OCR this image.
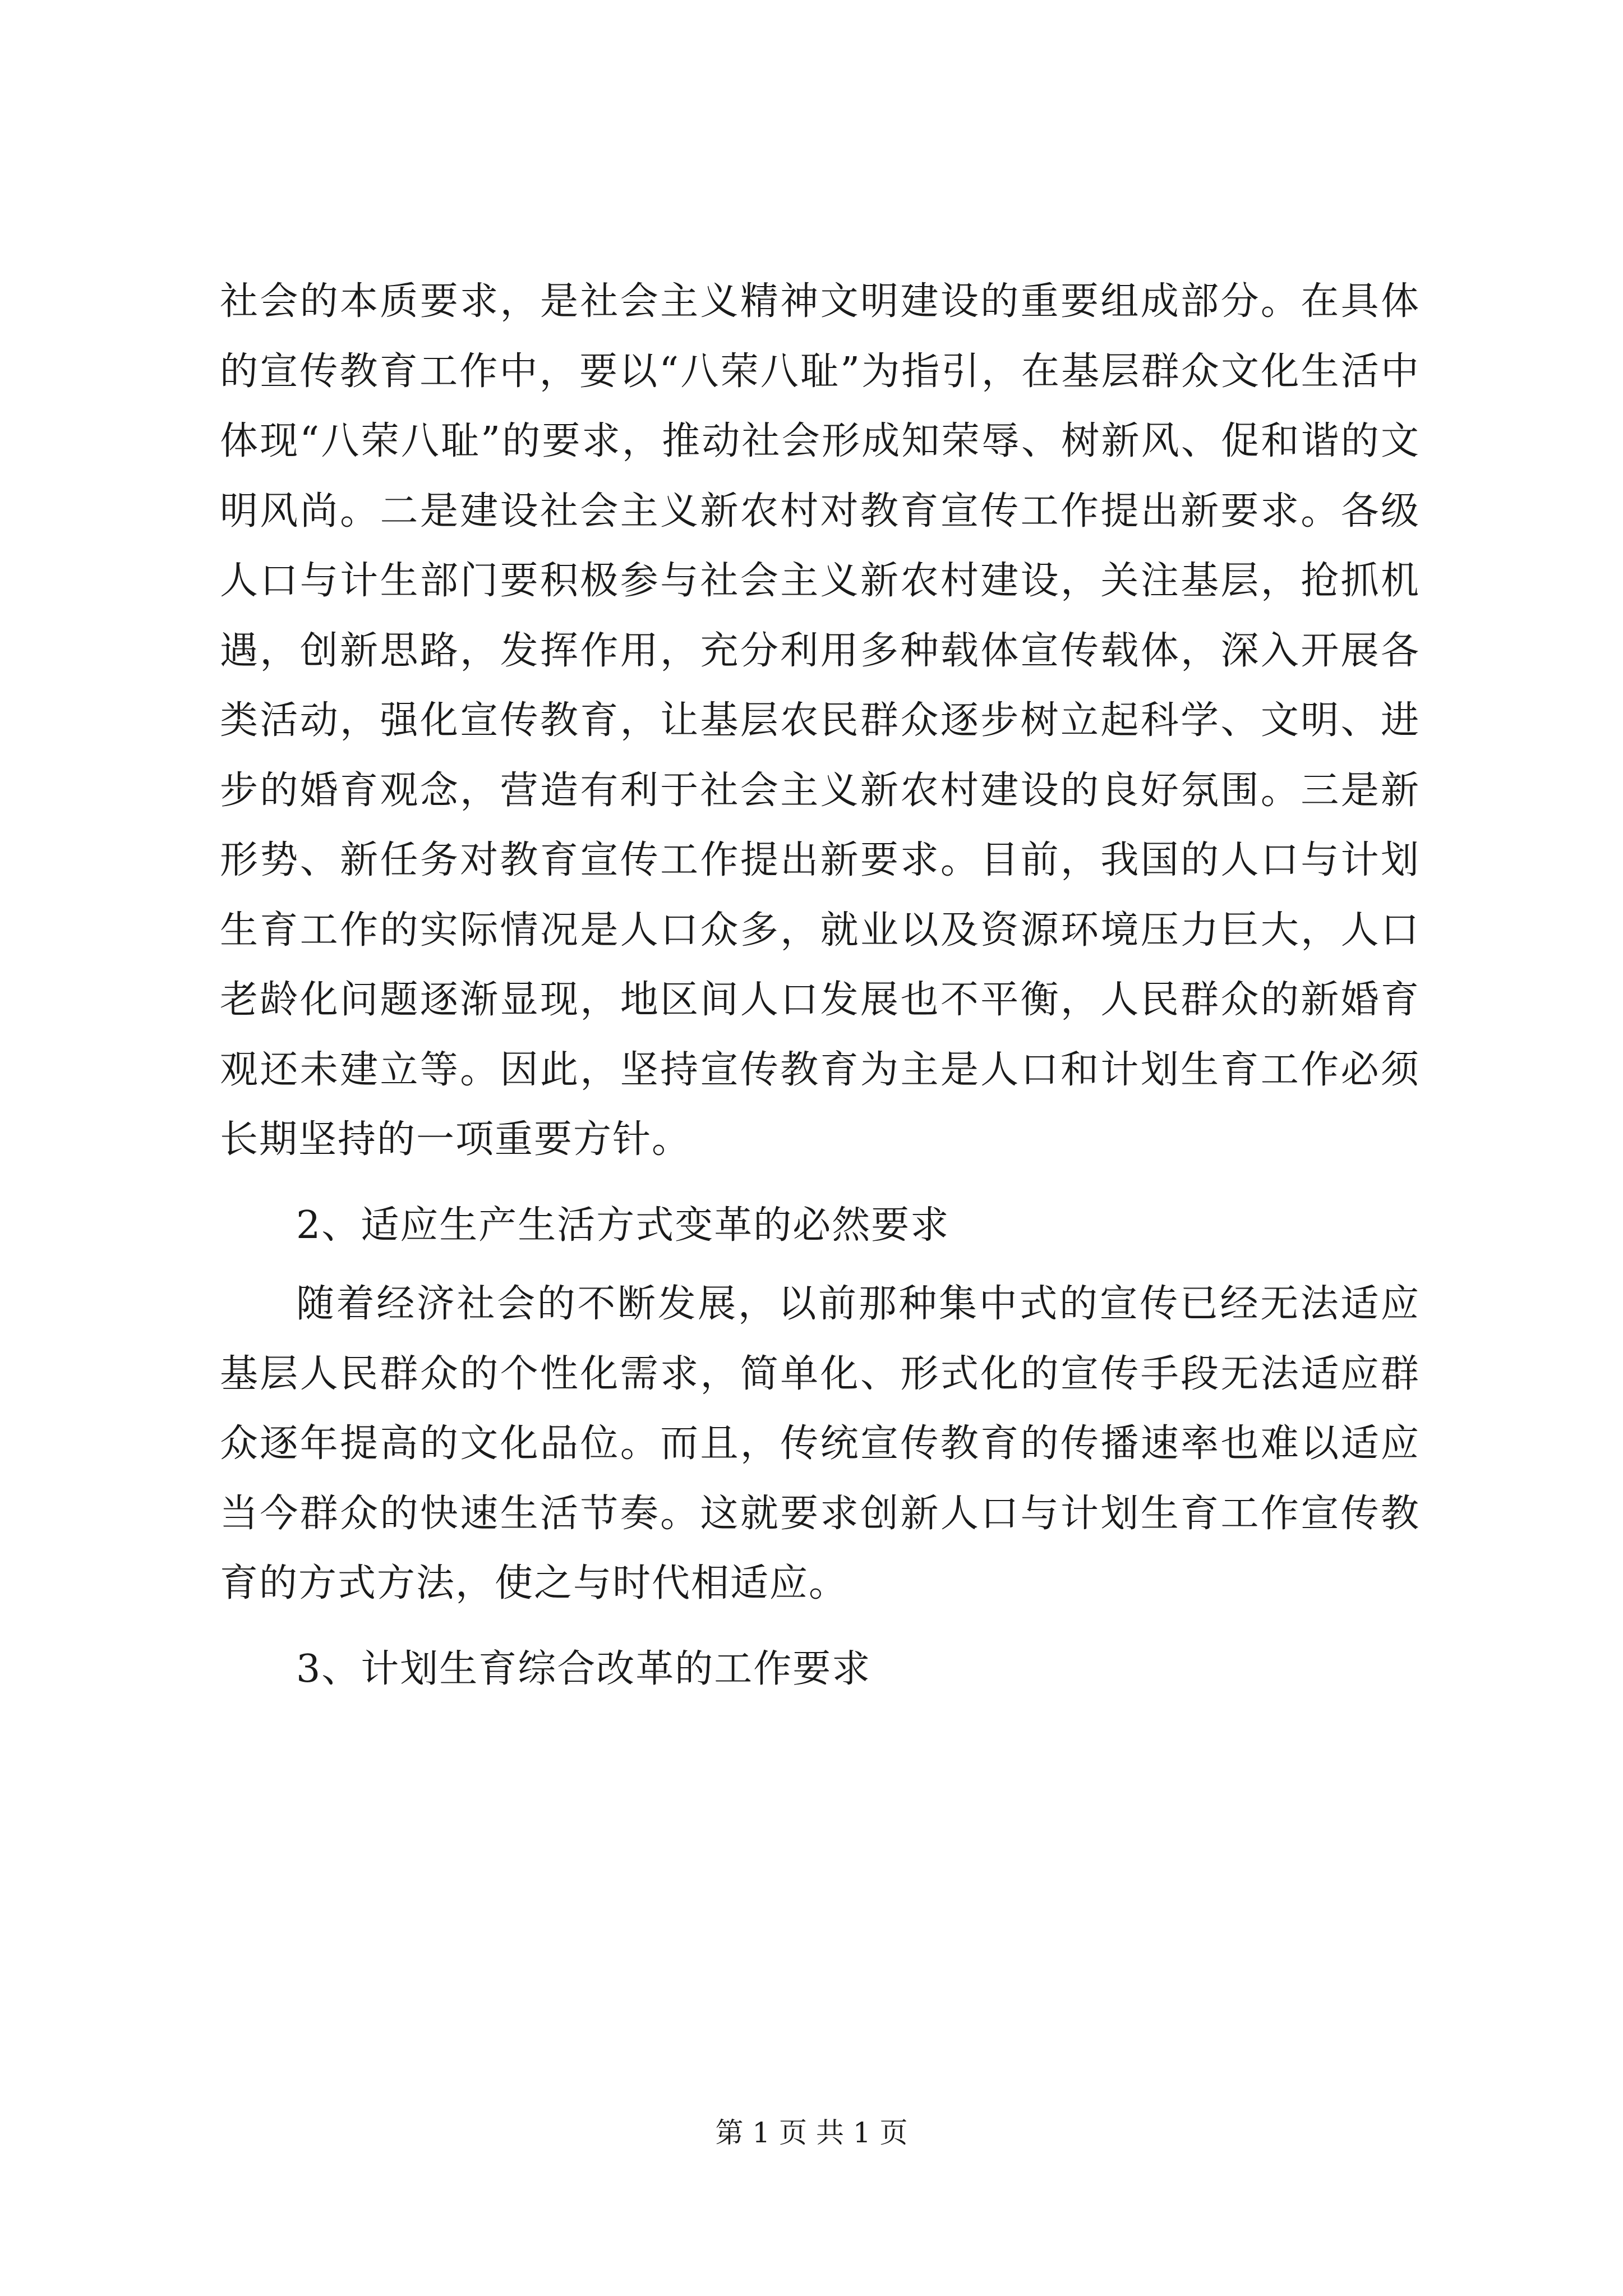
社会的本质要求，是社会主义精神文明建设的重要组成部分。在具体的宣传教育工作中，要以“八荣八耻”为指引，在基层群众文化生活中体现“八荣八耻”的要求，推动社会形成知荣辱、树新风、促和谐的文明风尚。二是建设社会主义新农村对教育宣传工作提出新要求。各级人口与计生部门要积极参与社会主义新农村建设，关注基层，抢抓机遇，创新思路，发挥作用，充分利用多种载体宣传载体，深入开展各类活动，强化宣传教育，让基层农民群众逐步树立起科学、文明、进步的婚育观念，营造有利于社会主义新农村建设的良好氛围。三是新形势、新任务对教育宣传工作提出新要求。目前，我国的人口与计划生育工作的实际情况是人口众多，就业以及资源环境压力巨大，人口老龄化问题逐渐显现，地区间人口发展也不平衡，人民群众的新婚育观还未建立等。因此，坚持宣传教育为主是人口和计划生育工作必须长期坚持的一项重要方针。

2、适应生产生活方式变革的必然要求

随着经济社会的不断发展，以前那种集中式的宣传已经无法适应基层人民群众的个性化需求，简单化、形式化的宣传手段无法适应群众逐年提高的文化品位。而且，传统宣传教育的传播速率也难以适应当今群众的快速生活节奏。这就要求创新人口与计划生育工作宣传教育的方式方法，使之与时代相适应。

3、计划生育综合改革的工作要求

第 1 页 共 1 页
